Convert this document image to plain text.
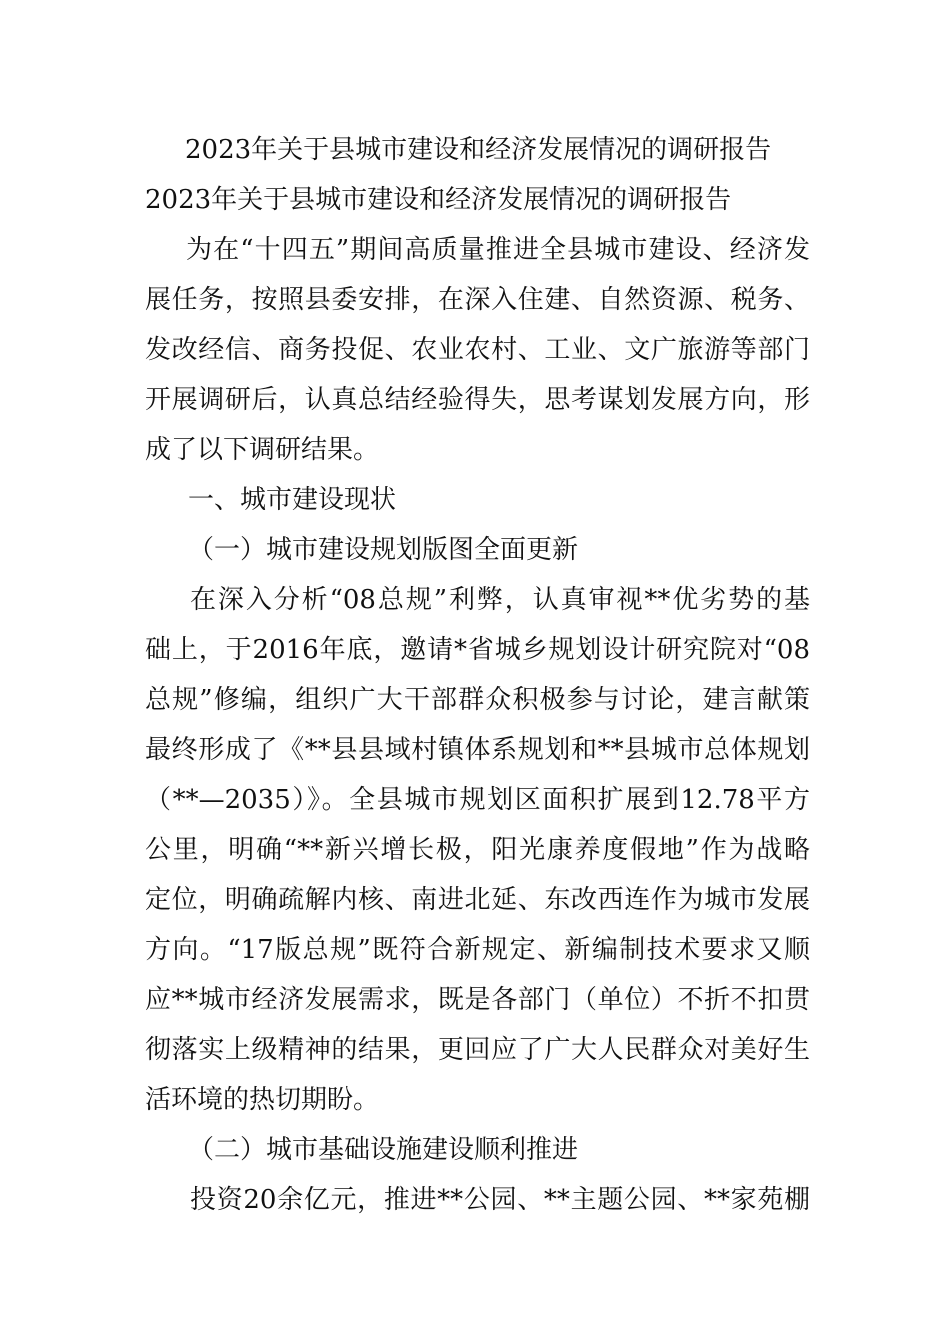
2023年关于县城市建设和经济发展情况的调研报告
2023年关于县城市建设和经济发展情况的调研报告
为在“十四五”期间高质量推进全县城市建设、经济发
展任务，按照县委安排，在深入住建、自然资源、税务、
发改经信、商务投促、农业农村、工业、文广旅游等部门
开展调研后，认真总结经验得失，思考谋划发展方向，形
成了以下调研结果。
一、城市建设现状
（一）城市建设规划版图全面更新
在深入分析“08总规”利弊，认真审视**优劣势的基
础上，于2016年底，邀请*省城乡规划设计研究院对“08
总规”修编，组织广大干部群众积极参与讨论，建言献策
最终形成了《**县县域村镇体系规划和**县城市总体规划
（**—2035）》。全县城市规划区面积扩展到12.78平方
公里，明确“**新兴增长极，阳光康养度假地”作为战略
定位，明确疏解内核、南进北延、东改西连作为城市发展
方向。“17版总规”既符合新规定、新编制技术要求又顺
应**城市经济发展需求，既是各部门（单位）不折不扣贯
彻落实上级精神的结果，更回应了广大人民群众对美好生
活环境的热切期盼。
（二）城市基础设施建设顺利推进
投资20余亿元，推进**公园、**主题公园、**家苑棚
